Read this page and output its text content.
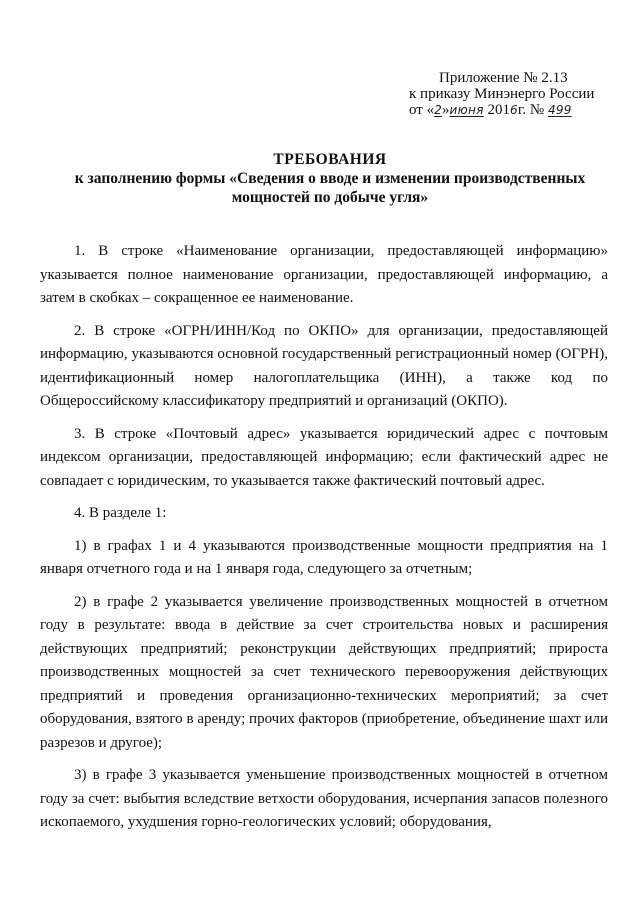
Приложение № 2.13
к приказу Минэнерго России
от «2»июня 2016г. № 499
ТРЕБОВАНИЯ
к заполнению формы «Сведения о вводе и изменении производственных
мощностей по добыче угля»

1. В строке «Наименование организации, предоставляющей информацию» указывается полное наименование организации, предоставляющей информацию, а затем в скобках – сокращенное ее наименование.

2. В строке «ОГРН/ИНН/Код по ОКПО» для организации, предоставляющей информацию, указываются основной государственный регистрационный номер (ОГРН), идентификационный номер налогоплательщика (ИНН), а также код по Общероссийскому классификатору предприятий и организаций (ОКПО).

3. В строке «Почтовый адрес» указывается юридический адрес с почтовым индексом организации, предоставляющей информацию; если фактический адрес не совпадает с юридическим, то указывается также фактический почтовый адрес.

4. В разделе 1:

1) в графах 1 и 4 указываются производственные мощности предприятия на 1 января отчетного года и на 1 января года, следующего за отчетным;

2) в графе 2 указывается увеличение производственных мощностей в отчетном году в результате: ввода в действие за счет строительства новых и расширения действующих предприятий; реконструкции действующих предприятий; прироста производственных мощностей за счет технического перевооружения действующих предприятий и проведения организационно-технических мероприятий; за счет оборудования, взятого в аренду; прочих факторов (приобретение, объединение шахт или разрезов и другое);

3) в графе 3 указывается уменьшение производственных мощностей в отчетном году за счет: выбытия вследствие ветхости оборудования, исчерпания запасов полезного ископаемого, ухудшения горно-геологических условий; оборудования,
